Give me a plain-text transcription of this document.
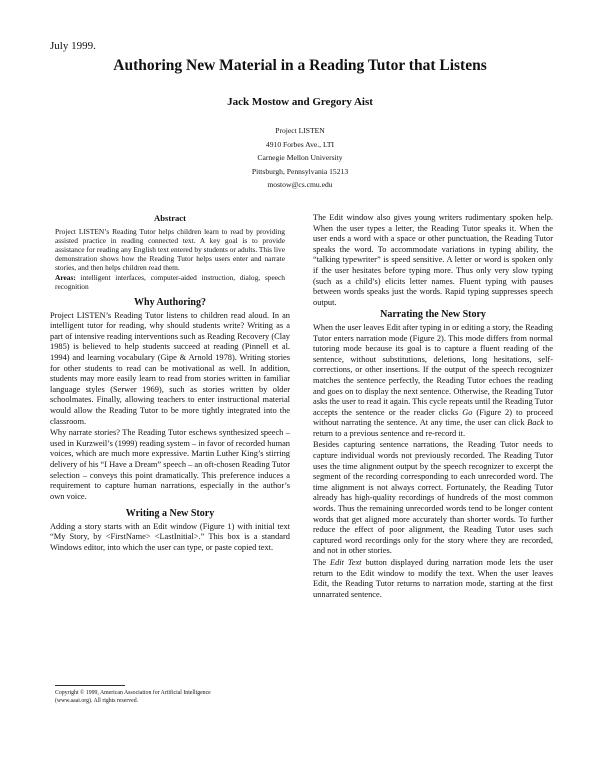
July 1999.
Authoring New Material in a Reading Tutor that Listens
Jack Mostow and Gregory Aist
Project LISTEN
4910 Forbes Ave., LTI
Carnegie Mellon University
Pittsburgh, Pennsylvania 15213
mostow@cs.cmu.edu
Abstract

Project LISTEN’s Reading Tutor helps children learn to read by providing assisted practice in reading connected text. A key goal is to provide assistance for reading any English text entered by students or adults. This live demonstration shows how the Reading Tutor helps users enter and narrate stories, and then helps children read them.

Areas: intelligent interfaces, computer-aided instruction, dialog, speech recognition

Why Authoring?

Project LISTEN’s Reading Tutor listens to children read aloud. In an intelligent tutor for reading, why should students write? Writing as a part of intensive reading interventions such as Reading Recovery (Clay 1985) is believed to help students succeed at reading (Pinnell et al. 1994) and learning vocabulary (Gipe & Arnold 1978). Writing stories for other students to read can be motivational as well. In addition, students may more easily learn to read from stories written in familiar language styles (Serwer 1969), such as stories written by older schoolmates. Finally, allowing teachers to enter instructional material would allow the Reading Tutor to be more tightly integrated into the classroom.

Why narrate stories? The Reading Tutor eschews synthesized speech – used in Kurzweil’s (1999) reading system – in favor of recorded human voices, which are much more expressive. Martin Luther King’s stirring delivery of his “I Have a Dream” speech – an oft-chosen Reading Tutor selection – conveys this point dramatically. This preference induces a requirement to capture human narrations, especially in the author’s own voice.

Writing a New Story

Adding a story starts with an Edit window (Figure 1) with initial text “My Story, by <FirstName> <LastInitial>.” This box is a standard Windows editor, into which the user can type, or paste copied text.

The Edit window also gives young writers rudimentary spoken help. When the user types a letter, the Reading Tutor speaks it. When the user ends a word with a space or other punctuation, the Reading Tutor speaks the word. To accommodate variations in typing ability, the “talking typewriter” is speed sensitive. A letter or word is spoken only if the user hesitates before typing more. Thus only very slow typing (such as a child’s) elicits letter names. Fluent typing with pauses between words speaks just the words. Rapid typing suppresses speech output.

Narrating the New Story

When the user leaves Edit after typing in or editing a story, the Reading Tutor enters narration mode (Figure 2). This mode differs from normal tutoring mode because its goal is to capture a fluent reading of the sentence, without substitutions, deletions, long hesitations, self-corrections, or other insertions. If the output of the speech recognizer matches the sentence perfectly, the Reading Tutor echoes the reading and goes on to display the next sentence. Otherwise, the Reading Tutor asks the user to read it again. This cycle repeats until the Reading Tutor accepts the sentence or the reader clicks Go (Figure 2) to proceed without narrating the sentence. At any time, the user can click Back to return to a previous sentence and re-record it.

Besides capturing sentence narrations, the Reading Tutor needs to capture individual words not previously recorded. The Reading Tutor uses the time alignment output by the speech recognizer to excerpt the segment of the recording corresponding to each unrecorded word. The time alignment is not always correct. Fortunately, the Reading Tutor already has high-quality recordings of hundreds of the most common words. Thus the remaining unrecorded words tend to be longer content words that get aligned more accurately than shorter words. To further reduce the effect of poor alignment, the Reading Tutor uses such captured word recordings only for the story where they are recorded, and not in other stories.

The Edit Text button displayed during narration mode lets the user return to the Edit window to modify the text. When the user leaves Edit, the Reading Tutor returns to narration mode, starting at the first unnarrated sentence.

Copyright © 1999, American Association for Artificial Intelligence
(www.aaai.org). All rights reserved.
